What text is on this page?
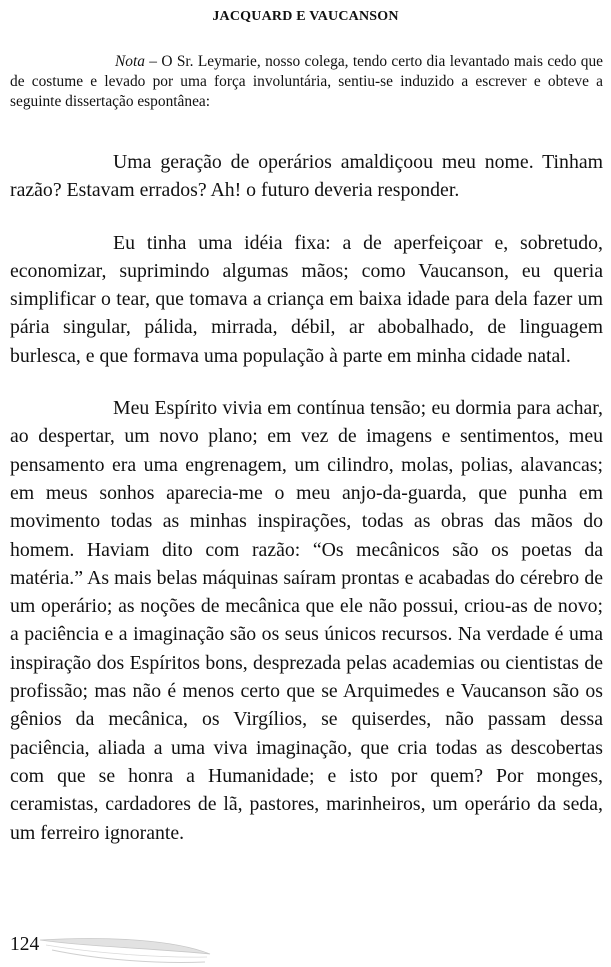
JACQUARD E VAUCANSON
Nota – O Sr. Leymarie, nosso colega, tendo certo dia levantado mais cedo que de costume e levado por uma força involuntária, sentiu-se induzido a escrever e obteve a seguinte dissertação espontânea:

Uma geração de operários amaldiçoou meu nome. Tinham razão? Estavam errados? Ah! o futuro deveria responder.

Eu tinha uma idéia fixa: a de aperfeiçoar e, sobretudo, economizar, suprimindo algumas mãos; como Vaucanson, eu queria simplificar o tear, que tomava a criança em baixa idade para dela fazer um pária singular, pálida, mirrada, débil, ar abobalhado, de linguagem burlesca, e que formava uma população à parte em minha cidade natal.

Meu Espírito vivia em contínua tensão; eu dormia para achar, ao despertar, um novo plano; em vez de imagens e sentimentos, meu pensamento era uma engrenagem, um cilindro, molas, polias, alavancas; em meus sonhos aparecia-me o meu anjo-da-guarda, que punha em movimento todas as minhas inspirações, todas as obras das mãos do homem. Haviam dito com razão: “Os mecânicos são os poetas da matéria.” As mais belas máquinas saíram prontas e acabadas do cérebro de um operário; as noções de mecânica que ele não possui, criou-as de novo; a paciência e a imaginação são os seus únicos recursos. Na verdade é uma inspiração dos Espíritos bons, desprezada pelas academias ou cientistas de profissão; mas não é menos certo que se Arquimedes e Vaucanson são os gênios da mecânica, os Virgílios, se quiserdes, não passam dessa paciência, aliada a uma viva imaginação, que cria todas as descobertas com que se honra a Humanidade; e isto por quem? Por monges, ceramistas, cardadores de lã, pastores, marinheiros, um operário da seda, um ferreiro ignorante.

124
